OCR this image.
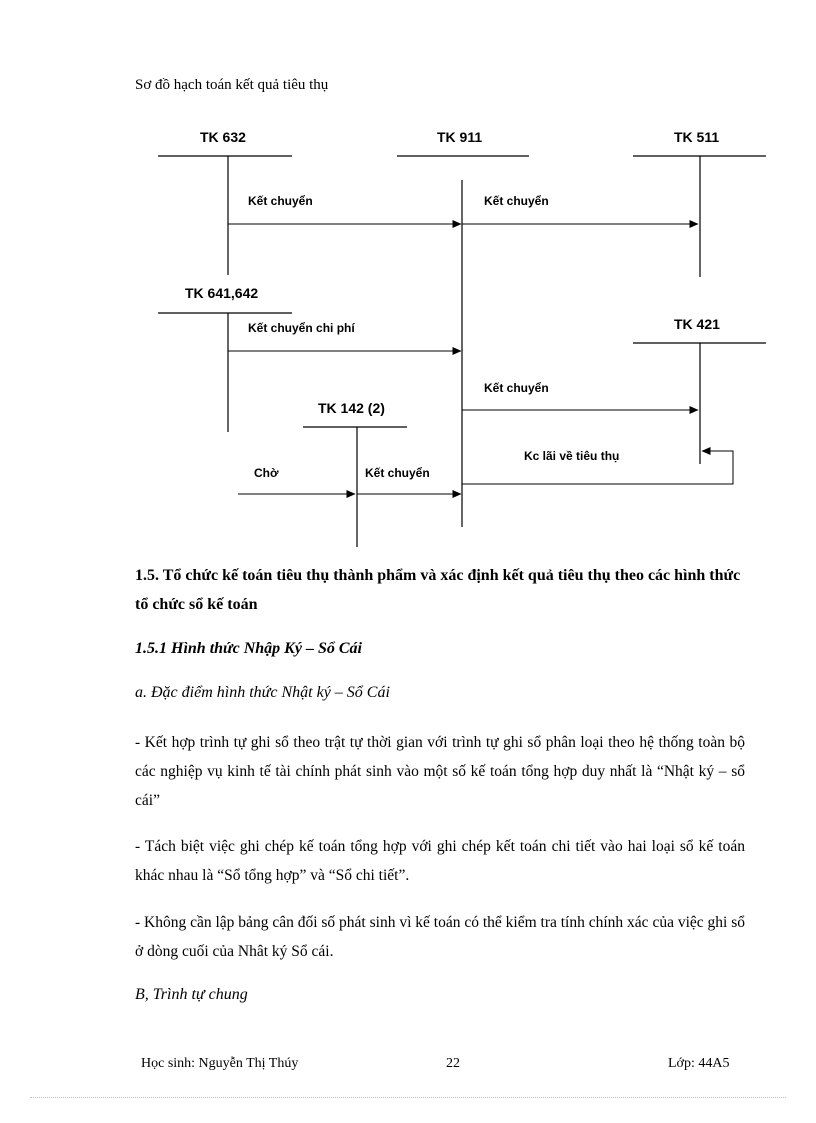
Sơ đồ hạch toán kết quả tiêu thụ
TK 632	TK 911	TK 511
TK 641,642
TK 421
TK 142 (2)
Kết chuyển	Kết chuyển
Kết chuyển chi phí
Kết chuyển
Kc lãi về tiêu thụ
Chờ	Kết chuyển
1.5. Tổ chức kế toán tiêu thụ thành phẩm và xác định kết quả tiêu thụ theo các hình thức tổ chức sổ kế toán
1.5.1 Hình thức Nhập Ký – Sổ Cái
a. Đặc điểm hình thức Nhật ký – Sổ Cái
- Kết hợp trình tự ghi sổ theo trật tự thời gian với trình tự ghi sổ phân loại theo hệ thống toàn bộ các nghiệp vụ kinh tế tài chính phát sinh vào một số kế toán tổng hợp duy nhất là “Nhật ký – sổ cái”
- Tách biệt việc ghi chép kế toán tổng hợp với ghi chép kết toán chi tiết vào hai loại sổ kế toán khác nhau là “Sổ tổng hợp” và “Sổ chi tiết”.
- Không cần lập bảng cân đối số phát sinh vì kế toán có thể kiểm tra tính chính xác của việc ghi sổ ở dòng cuối của Nhât ký Sổ cái.
B, Trình tự chung
Học sinh: Nguyễn Thị Thúy	22	Lớp: 44A5
